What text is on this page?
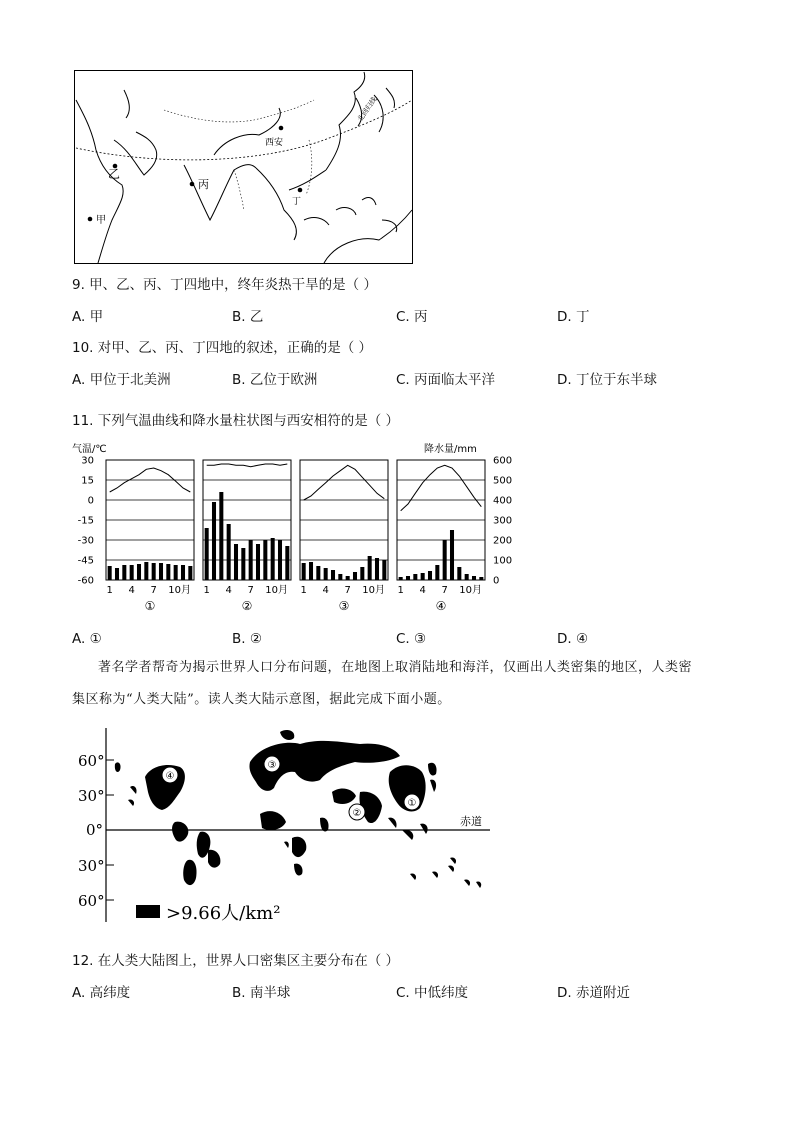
西安
北回归线
乙
丙
甲
丁
9. 甲、乙、丙、丁四地中，终年炎热干旱的是（ ）
A. 甲	B. 乙	C. 丙	D. 丁
10. 对甲、乙、丙、丁四地的叙述，正确的是（ ）
A. 甲位于北美洲	B. 乙位于欧洲	C. 丙面临太平洋	D. 丁位于东半球
11. 下列气温曲线和降水量柱状图与西安相符的是（ ）
气温/℃	降水量/mm
30
15
0
-15
-30
-45
-60
600
500
400
300
200
100
0
1 4 7 10月
①
1 4 7 10月
②
1 4 7 10月
③
1 4 7 10月
④
A. ①	B. ②	C. ③	D. ④

著名学者帮奇为揭示世界人口分布问题，在地图上取消陆地和海洋，仅画出人类密集的地区，人类密

集区称为“人类大陆”。读人类大陆示意图，据此完成下面小题。
60°
30°
0°
30°
60°
赤道
④
③
②
①
>9.66人/km²
12. 在人类大陆图上，世界人口密集区主要分布在（ ）
A. 高纬度	B. 南半球	C. 中低纬度	D. 赤道附近
